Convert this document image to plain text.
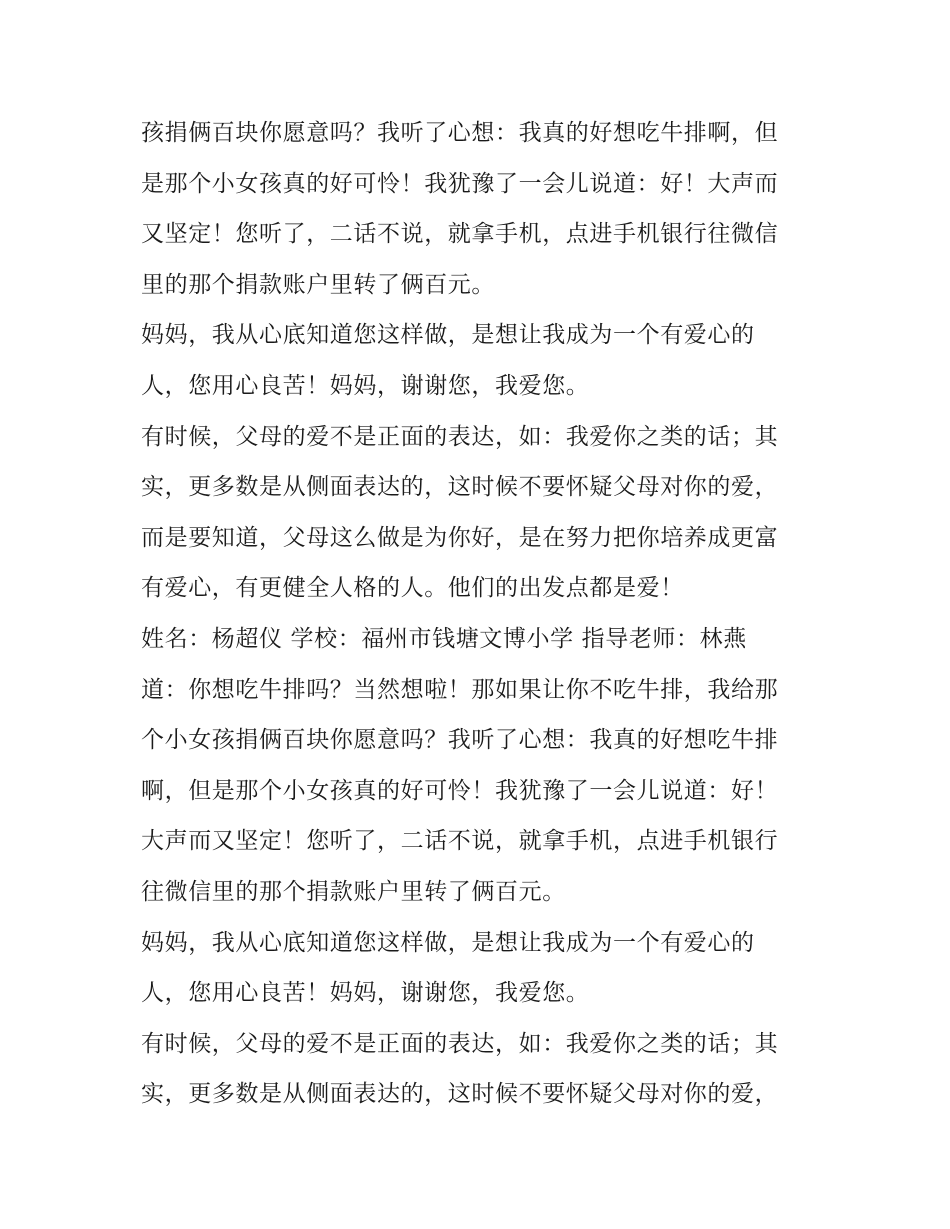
孩捐俩百块你愿意吗？我听了心想：我真的好想吃牛排啊，但
是那个小女孩真的好可怜！我犹豫了一会儿说道：好！大声而
又坚定！您听了，二话不说，就拿手机，点进手机银行往微信
里的那个捐款账户里转了俩百元。
妈妈，我从心底知道您这样做，是想让我成为一个有爱心的
人，您用心良苦！妈妈，谢谢您，我爱您。
有时候，父母的爱不是正面的表达，如：我爱你之类的话；其
实，更多数是从侧面表达的，这时候不要怀疑父母对你的爱，
而是要知道，父母这么做是为你好，是在努力把你培养成更富
有爱心，有更健全人格的人。他们的出发点都是爱！
姓名：杨超仪 学校：福州市钱塘文博小学 指导老师：林燕
道：你想吃牛排吗？当然想啦！那如果让你不吃牛排，我给那
个小女孩捐俩百块你愿意吗？我听了心想：我真的好想吃牛排
啊，但是那个小女孩真的好可怜！我犹豫了一会儿说道：好！
大声而又坚定！您听了，二话不说，就拿手机，点进手机银行
往微信里的那个捐款账户里转了俩百元。
妈妈，我从心底知道您这样做，是想让我成为一个有爱心的
人，您用心良苦！妈妈，谢谢您，我爱您。
有时候，父母的爱不是正面的表达，如：我爱你之类的话；其
实，更多数是从侧面表达的，这时候不要怀疑父母对你的爱，
